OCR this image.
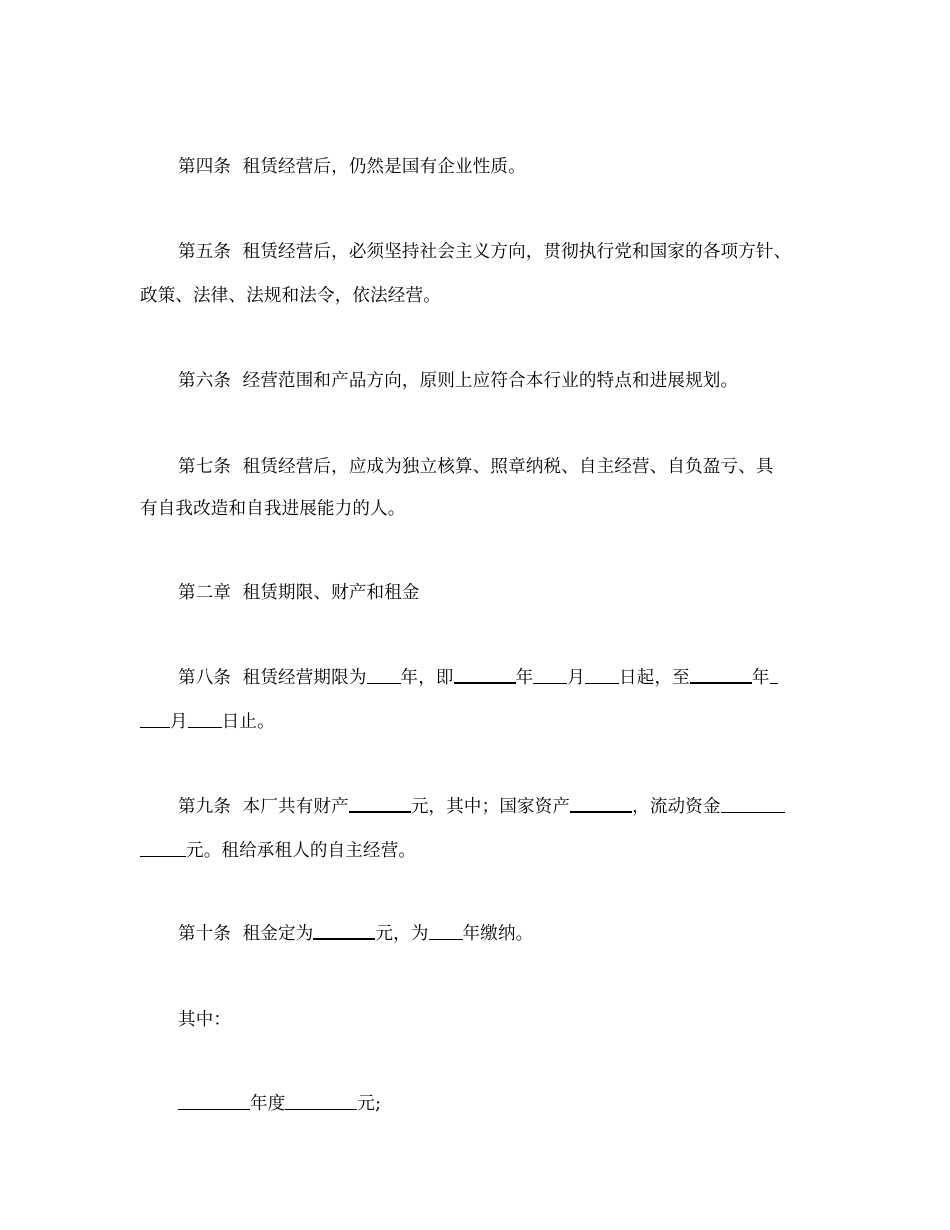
第四条  租赁经营后，仍然是国有企业性质。
第五条  租赁经营后，必须坚持社会主义方向，贯彻执行党和国家的各项方针、
政策、法律、法规和法令，依法经营。
第六条  经营范围和产品方向，原则上应符合本行业的特点和进展规划。
第七条  租赁经营后，应成为独立核算、照章纳税、自主经营、自负盈亏、具
有自我改造和自我进展能力的人。
第二章  租赁期限、财产和租金
第八条  租赁经营期限为 年，即	年 月 日起，至	年
月 日止。
第九条  本厂共有财产	元，其中；国家资产	，流动资金
元。租给承租人的自主经营。
第十条  租金定为	元，为 年缴纳。
其中：
年度	元;
